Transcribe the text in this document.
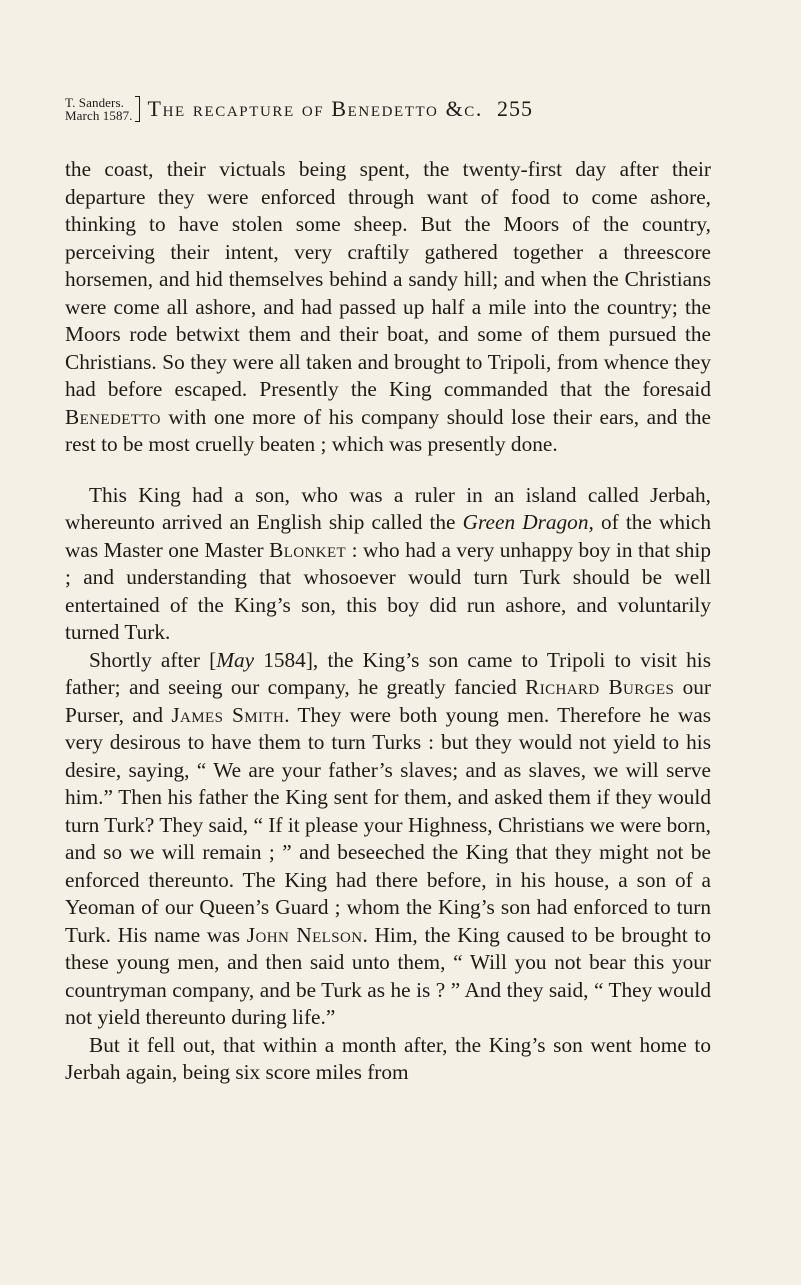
T. Sanders.
March 1587. The recapture of Benedetto &c. 255

the coast, their victuals being spent, the twenty-first day after their departure they were enforced through want of food to come ashore, thinking to have stolen some sheep. But the Moors of the country, perceiving their intent, very craftily gathered together a threescore horsemen, and hid themselves behind a sandy hill; and when the Christians were come all ashore, and had passed up half a mile into the country; the Moors rode betwixt them and their boat, and some of them pursued the Christians. So they were all taken and brought to Tripoli, from whence they had before escaped. Presently the King commanded that the foresaid Benedetto with one more of his company should lose their ears, and the rest to be most cruelly beaten ; which was presently done.

This King had a son, who was a ruler in an island called Jerbah, whereunto arrived an English ship called the Green Dragon, of the which was Master one Master Blonket : who had a very unhappy boy in that ship ; and understanding that whosoever would turn Turk should be well entertained of the King’s son, this boy did run ashore, and voluntarily turned Turk.

Shortly after [May 1584], the King’s son came to Tripoli to visit his father; and seeing our company, he greatly fancied Richard Burges our Purser, and James Smith. They were both young men. Therefore he was very desirous to have them to turn Turks : but they would not yield to his desire, saying, “ We are your father’s slaves; and as slaves, we will serve him.” Then his father the King sent for them, and asked them if they would turn Turk? They said, “ If it please your Highness, Christians we were born, and so we will remain ; ” and beseeched the King that they might not be enforced thereunto. The King had there before, in his house, a son of a Yeoman of our Queen’s Guard ; whom the King’s son had enforced to turn Turk. His name was John Nelson. Him, the King caused to be brought to these young men, and then said unto them, “ Will you not bear this your countryman company, and be Turk as he is ? ” And they said, “ They would not yield thereunto during life.”

But it fell out, that within a month after, the King’s son went home to Jerbah again, being six score miles from
